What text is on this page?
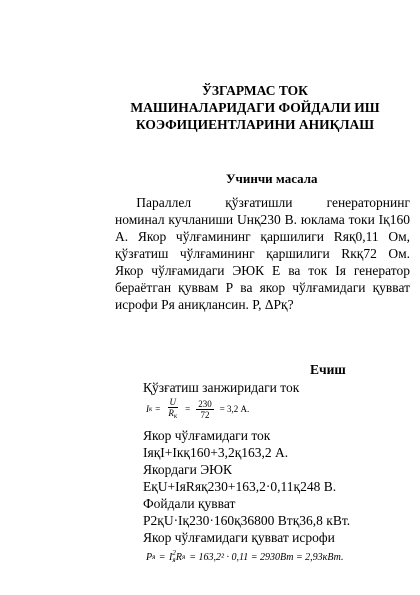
ЎЗГАРМАС ТОК
МАШИНАЛАРИДАГИ ФОЙДАЛИ ИШ
КОЭФИЦИЕНТЛАРИНИ АНИҚЛАШ
Учинчи масала
Параллел        қўзғатишли        генераторнинг
номинал кучланиши Uнқ230 В. юклама токи Iқ160
А. Якор чўлғамининг қаршилиги Rяқ0,11 Ом,
қўзғатиш чўлғамининг қаршилиги Rкқ72 Ом.
Якор чўлғамидаги ЭЮК Е ва ток Iя генератор
бераётган қуввам Р ва якор чўлғамидаги қувват
исрофи Pя аниқлансин. Р, ΔРқ?
Ечиш
Қўзғатиш занжиридаги ток
I $к = \frac{U}{R_к} = \frac{230}{72} = 3,2$ А.
Якор чўлғамидаги ток
IяқI+Iкқ160+3,2қ163,2 А.
Якордаги ЭЮК
ЕқU+IяRяқ230+163,2·0,11қ248 В.
Фойдали қувват
P2қU·Iқ230·160қ36800 Втқ36,8 кВт.
Якор чўлғамидаги қувват исрофи
P я = I 2
я R я = 163,2² · 0,11 = 2930Вт = 2,93кВт.
